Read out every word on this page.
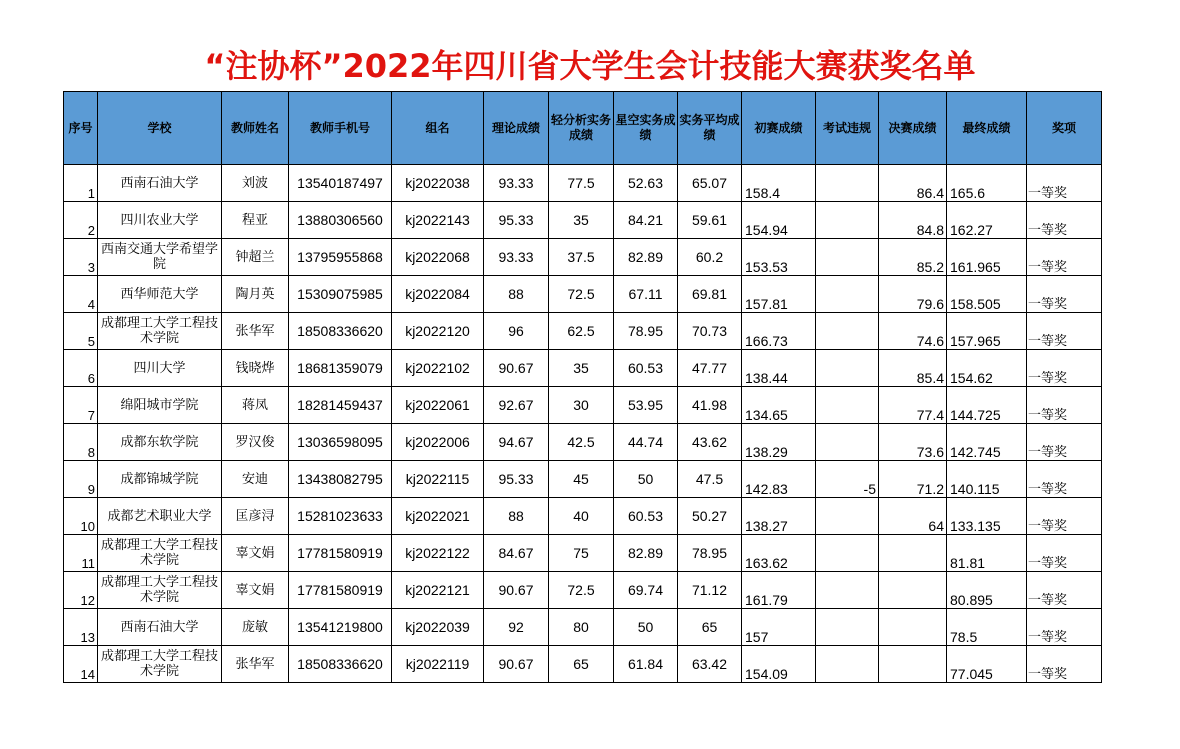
“注协杯”2022年四川省大学生会计技能大赛获奖名单
序号	学校	教师姓名	教师手机号	组名	理论成绩	轻分析实务成绩	星空实务成绩	实务平均成绩	初赛成绩	考试违规	决赛成绩	最终成绩	奖项
1	西南石油大学	刘波	13540187497	kj2022038	93.33	77.5	52.63	65.07	158.4		86.4	165.6	一等奖
2	四川农业大学	程亚	13880306560	kj2022143	95.33	35	84.21	59.61	154.94		84.8	162.27	一等奖
3	西南交通大学希望学院	钟超兰	13795955868	kj2022068	93.33	37.5	82.89	60.2	153.53		85.2	161.965	一等奖
4	西华师范大学	陶月英	15309075985	kj2022084	88	72.5	67.11	69.81	157.81		79.6	158.505	一等奖
5	成都理工大学工程技术学院	张华军	18508336620	kj2022120	96	62.5	78.95	70.73	166.73		74.6	157.965	一等奖
6	四川大学	钱晓烨	18681359079	kj2022102	90.67	35	60.53	47.77	138.44		85.4	154.62	一等奖
7	绵阳城市学院	蒋凤	18281459437	kj2022061	92.67	30	53.95	41.98	134.65		77.4	144.725	一等奖
8	成都东软学院	罗汉俊	13036598095	kj2022006	94.67	42.5	44.74	43.62	138.29		73.6	142.745	一等奖
9	成都锦城学院	安迪	13438082795	kj2022115	95.33	45	50	47.5	142.83	-5	71.2	140.115	一等奖
10	成都艺术职业大学	匡彦浔	15281023633	kj2022021	88	40	60.53	50.27	138.27		64	133.135	一等奖
11	成都理工大学工程技术学院	辜文娟	17781580919	kj2022122	84.67	75	82.89	78.95	163.62			81.81	一等奖
12	成都理工大学工程技术学院	辜文娟	17781580919	kj2022121	90.67	72.5	69.74	71.12	161.79			80.895	一等奖
13	西南石油大学	庞敏	13541219800	kj2022039	92	80	50	65	157			78.5	一等奖
14	成都理工大学工程技术学院	张华军	18508336620	kj2022119	90.67	65	61.84	63.42	154.09			77.045	一等奖
